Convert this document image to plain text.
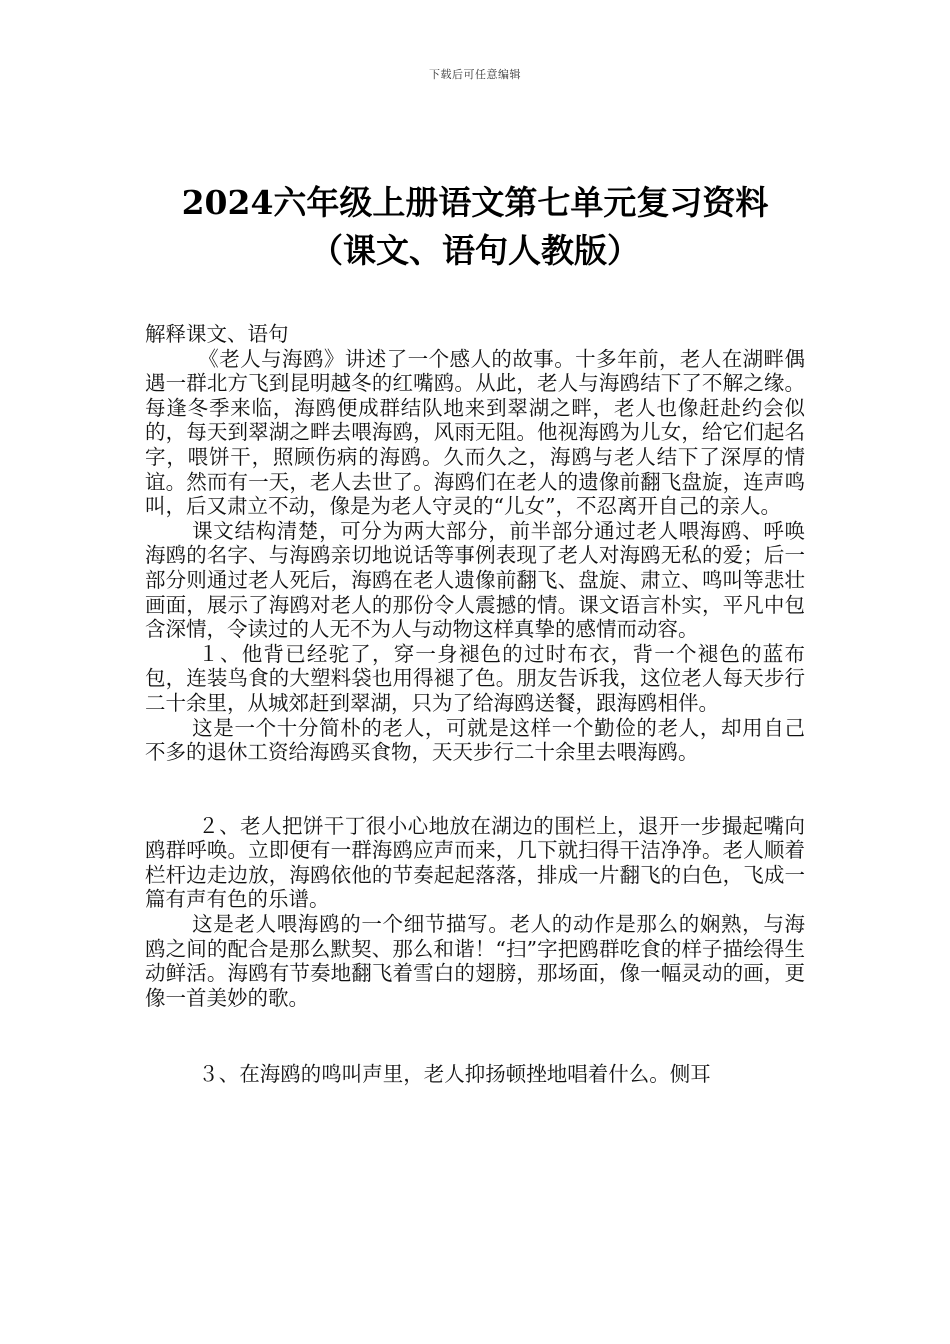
下载后可任意编辑
2024六年级上册语文第七单元复习资料
（课文、语句人教版）

解释课文、语句

《老人与海鸥》讲述了一个感人的故事。十多年前，老人在湖畔偶遇一群北方飞到昆明越冬的红嘴鸥。从此，老人与海鸥结下了不解之缘。每逢冬季来临，海鸥便成群结队地来到翠湖之畔，老人也像赶赴约会似的，每天到翠湖之畔去喂海鸥，风雨无阻。他视海鸥为儿女，给它们起名字，喂饼干，照顾伤病的海鸥。久而久之，海鸥与老人结下了深厚的情谊。然而有一天，老人去世了。海鸥们在老人的遗像前翻飞盘旋，连声鸣叫，后又肃立不动，像是为老人守灵的“儿女”，不忍离开自己的亲人。

课文结构清楚，可分为两大部分，前半部分通过老人喂海鸥、呼唤海鸥的名字、与海鸥亲切地说话等事例表现了老人对海鸥无私的爱；后一部分则通过老人死后，海鸥在老人遗像前翻飞、盘旋、肃立、鸣叫等悲壮画面，展示了海鸥对老人的那份令人震撼的情。课文语言朴实，平凡中包含深情，令读过的人无不为人与动物这样真挚的感情而动容。

１、他背已经驼了，穿一身褪色的过时布衣，背一个褪色的蓝布包，连装鸟食的大塑料袋也用得褪了色。朋友告诉我，这位老人每天步行二十余里，从城郊赶到翠湖，只为了给海鸥送餐，跟海鸥相伴。

这是一个十分简朴的老人，可就是这样一个勤俭的老人，却用自己不多的退休工资给海鸥买食物，天天步行二十余里去喂海鸥。

２、老人把饼干丁很小心地放在湖边的围栏上，退开一步撮起嘴向鸥群呼唤。立即便有一群海鸥应声而来，几下就扫得干洁净净。老人顺着栏杆边走边放，海鸥依他的节奏起起落落，排成一片翻飞的白色，飞成一篇有声有色的乐谱。

这是老人喂海鸥的一个细节描写。老人的动作是那么的娴熟，与海鸥之间的配合是那么默契、那么和谐！“扫”字把鸥群吃食的样子描绘得生动鲜活。海鸥有节奏地翻飞着雪白的翅膀，那场面，像一幅灵动的画，更像一首美妙的歌。

３、在海鸥的鸣叫声里，老人抑扬顿挫地唱着什么。侧耳
